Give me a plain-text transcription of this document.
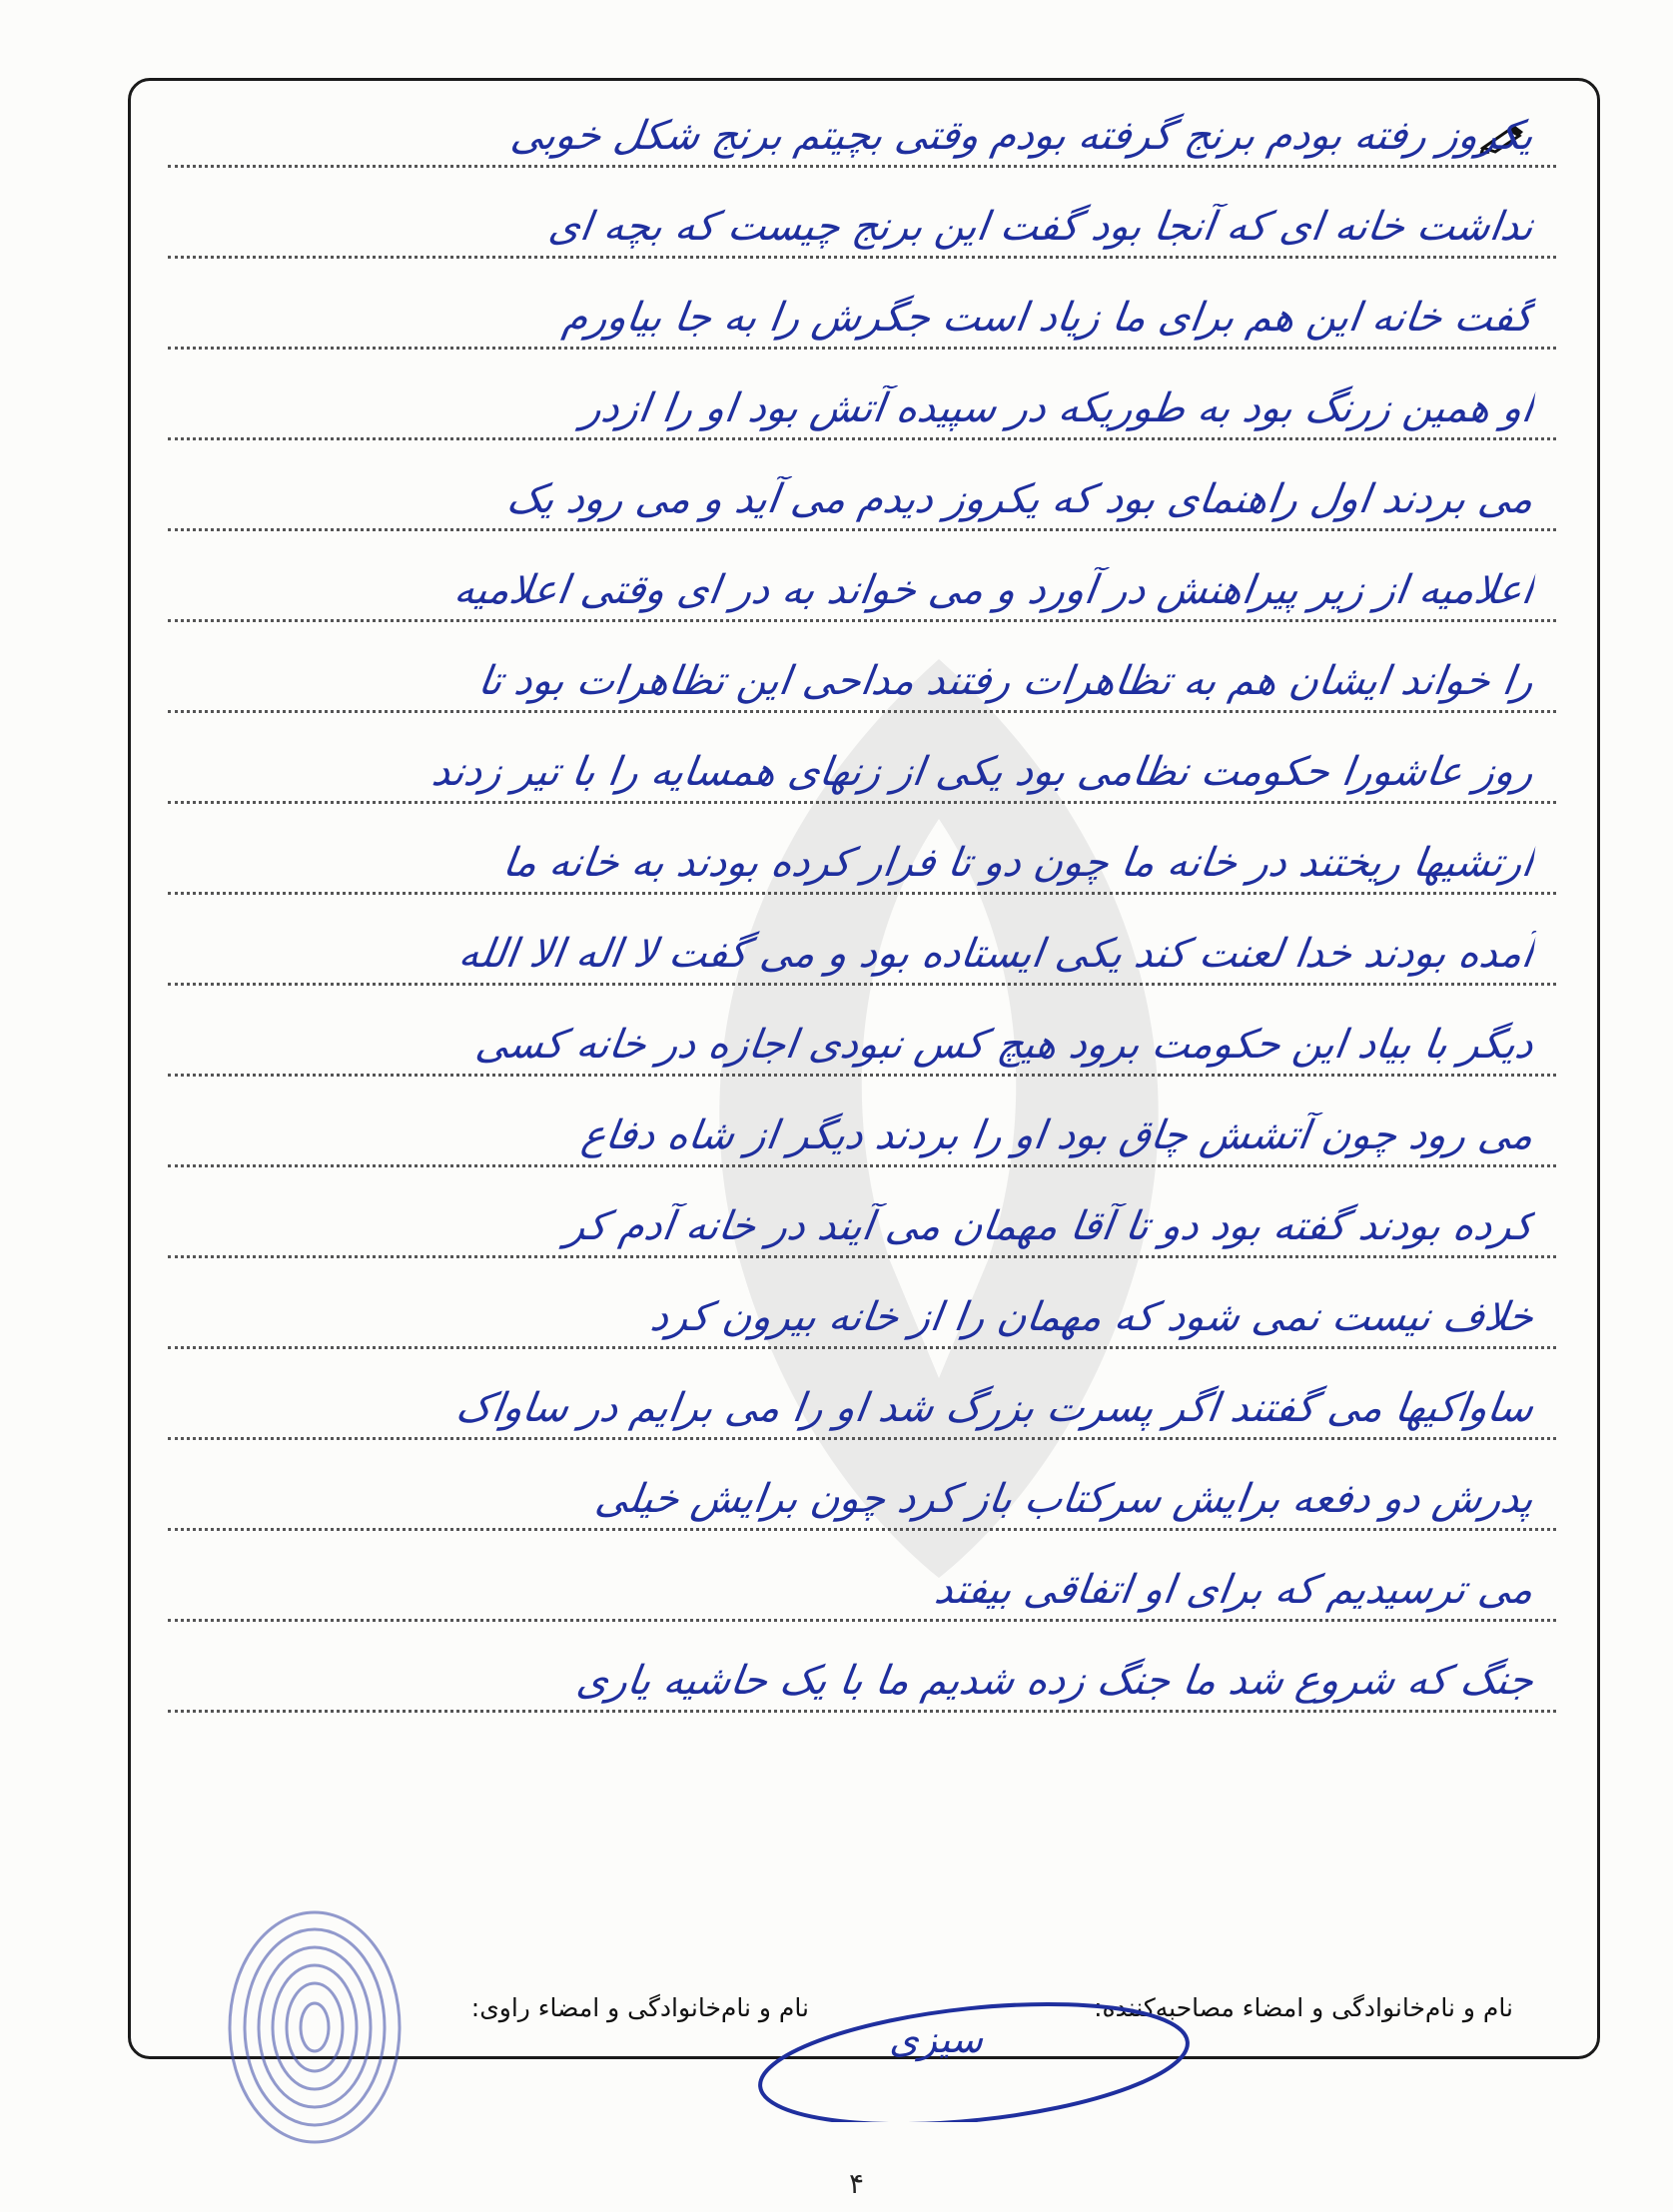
یکروز رفته بودم برنج گرفته بودم وقتی بچیتم برنج شکل خوبی
نداشت خانه ای که آنجا بود گفت این برنج چیست که بچه ای
گفت خانه این هم برای ما زیاد است جگرش را به جا بیاورم
او همین زرنگ بود به طوریکه در سپیده آتش بود او را ازدر
می بردند اول راهنمای بود که یکروز دیدم می آید و می رود یک
اعلامیه از زیر پیراهنش در آورد و می خواند به در ای وقتی اعلامیه
را خواند ایشان هم به تظاهرات رفتند مداحی این تظاهرات بود تا
روز عاشورا حکومت نظامی بود یکی از زنهای همسایه را با تیر زدند
ارتشیها ریختند در خانه ما چون دو تا فرار کرده بودند به خانه ما
آمده بودند خدا لعنت کند یکی ایستاده بود و می گفت لا اله الا الله
دیگر با بیاد این حکومت برود هیچ کس نبودی اجازه در خانه کسی
می رود چون آتشش چاق بود او را بردند دیگر از شاه دفاع
کرده بودند گفته بود دو تا آقا مهمان می آیند در خانه آدم کر
خلاف نیست نمی شود که مهمان را از خانه بیرون کرد
ساواکیها می گفتند اگر پسرت بزرگ شد او را می برایم در ساواک
پدرش دو دفعه برایش سرکتاب باز کرد چون برایش خیلی
می ترسیدیم که برای او اتفاقی بیفتد
جنگ که شروع شد ما جنگ زده شدیم ما با یک حاشیه یاری
نام و نام‌خانوادگی و امضاء مصاحبه‌کننده:
نام و نام‌خانوادگی و امضاء راوی:
سیزی
۴
